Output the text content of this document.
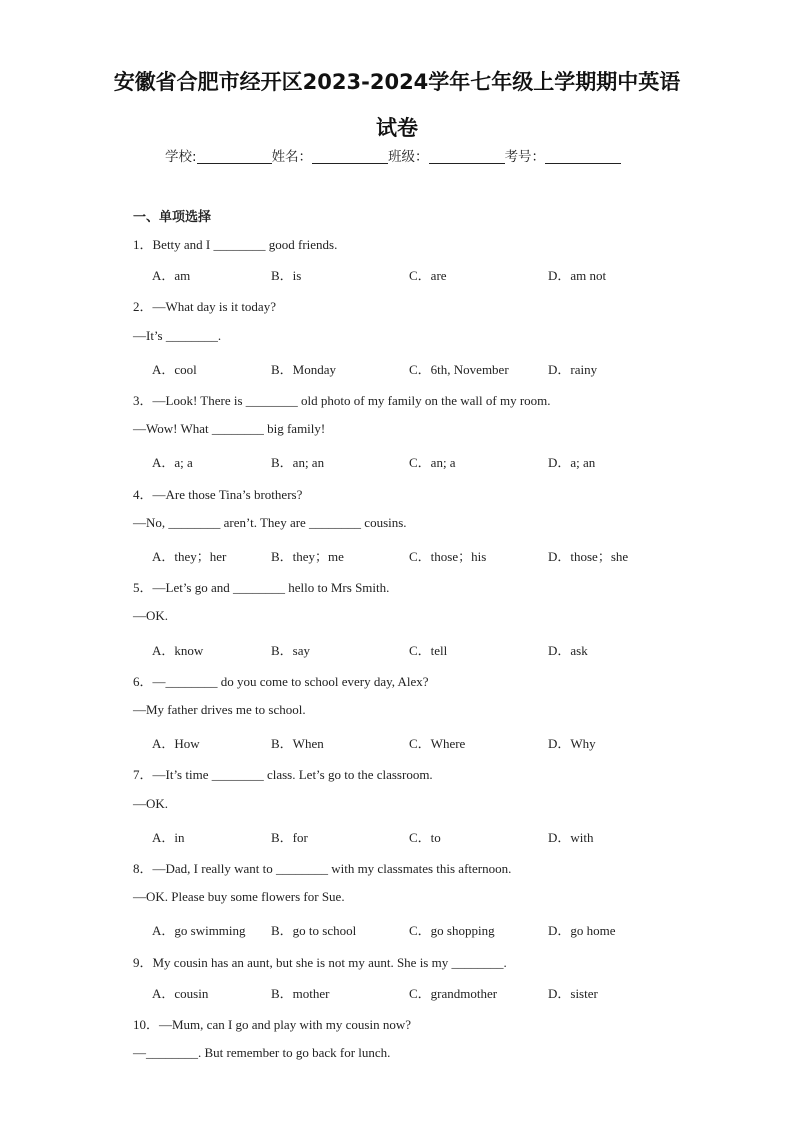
安徽省合肥市经开区2023-2024学年七年级上学期期中英语
试卷
学校:	姓名：	班级：	考号：
一、单项选择
1．Betty and I ________ good friends.
A．am	B．is	C．are	D．am not
2．—What day is it today?
—It’s ________.
A．cool	B．Monday	C．6th, November	D．rainy
3．—Look! There is ________ old photo of my family on the wall of my room.
—Wow! What ________ big family!
A．a; a	B．an; an	C．an; a	D．a; an
4．—Are those Tina’s brothers?
—No, ________ aren’t. They are ________ cousins.
A．they；her	B．they；me	C．those；his	D．those；she
5．—Let’s go and ________ hello to Mrs Smith.
—OK.
A．know	B．say	C．tell	D．ask
6．—________ do you come to school every day, Alex?
—My father drives me to school.
A．How	B．When	C．Where	D．Why
7．—It’s time ________ class. Let’s go to the classroom.
—OK.
A．in	B．for	C．to	D．with
8．—Dad, I really want to ________ with my classmates this afternoon.
—OK. Please buy some flowers for Sue.
A．go swimming B．go to school	C．go shopping	D．go home
9．My cousin has an aunt, but she is not my aunt. She is my ________.
A．cousin	B．mother	C．grandmother	D．sister
10．—Mum, can I go and play with my cousin now?
—________. But remember to go back for lunch.
